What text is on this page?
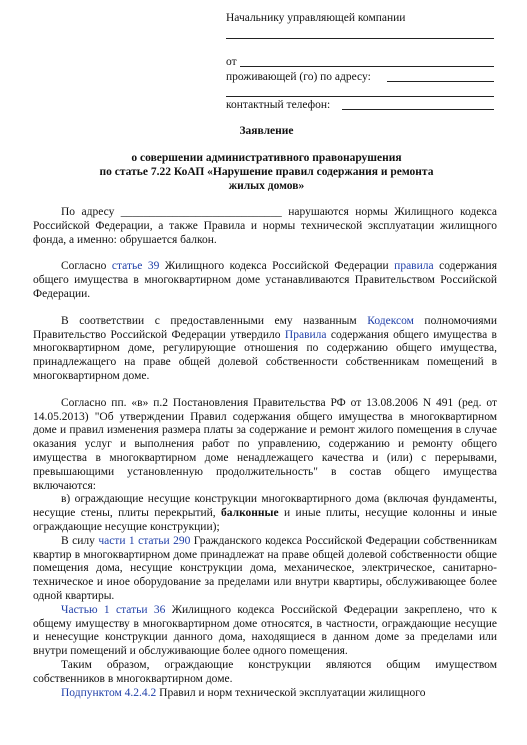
Начальнику управляющей компании
от
проживающей (го) по адресу:
контактный телефон:
Заявление
о совершении административного правонарушения
по статье 7.22 КоАП «Нарушение правил содержания и ремонта
жилых домов»

По адресу ____________________________ нарушаются нормы Жилищного кодекса Российской Федерации, а также Правила и нормы технической эксплуатации жилищного фонда, а именно: обрушается балкон.

Согласно статье 39 Жилищного кодекса Российской Федерации правила содержания общего имущества в многоквартирном доме устанавливаются Правительством Российской Федерации.

В соответствии с предоставленными ему названным Кодексом полномочиями Правительство Российской Федерации утвердило Правила содержания общего имущества в многоквартирном доме, регулирующие отношения по содержанию общего имущества, принадлежащего на праве общей долевой собственности собственникам помещений в многоквартирном доме.

Согласно пп. «в» п.2 Постановления Правительства РФ от 13.08.2006 N 491 (ред. от 14.05.2013) "Об утверждении Правил содержания общего имущества в многоквартирном доме и правил изменения размера платы за содержание и ремонт жилого помещения в случае оказания услуг и выполнения работ по управлению, содержанию и ремонту общего имущества в многоквартирном доме ненадлежащего качества и (или) с перерывами, превышающими установленную продолжительность" в состав общего имущества включаются:

в) ограждающие несущие конструкции многоквартирного дома (включая фундаменты, несущие стены, плиты перекрытий, балконные и иные плиты, несущие колонны и иные ограждающие несущие конструкции);

В силу части 1 статьи 290 Гражданского кодекса Российской Федерации собственникам квартир в многоквартирном доме принадлежат на праве общей долевой собственности общие помещения дома, несущие конструкции дома, механическое, электрическое, санитарно-техническое и иное оборудование за пределами или внутри квартиры, обслуживающее более одной квартиры.

Частью 1 статьи 36 Жилищного кодекса Российской Федерации закреплено, что к общему имуществу в многоквартирном доме относятся, в частности, ограждающие несущие и ненесущие конструкции данного дома, находящиеся в данном доме за пределами или внутри помещений и обслуживающие более одного помещения.

Таким образом, ограждающие конструкции являются общим имуществом собственников в многоквартирном доме.

Подпунктом 4.2.4.2 Правил и норм технической эксплуатации жилищного
